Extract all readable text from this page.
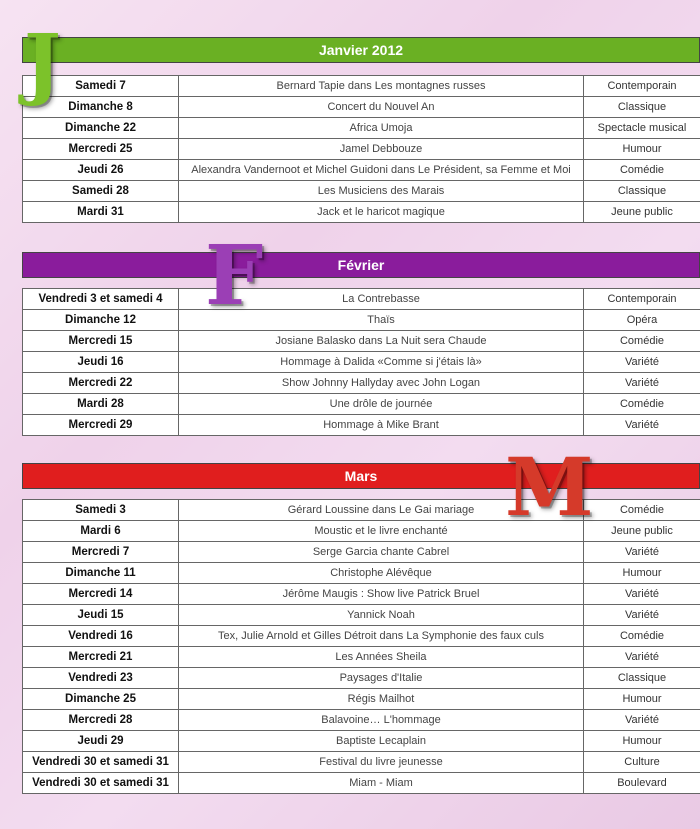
Janvier 2012
Samedi 7	Bernard Tapie dans Les montagnes russes	Contemporain
Dimanche 8	Concert du Nouvel An	Classique
Dimanche 22	Africa Umoja	Spectacle musical
Mercredi 25	Jamel Debbouze	Humour
Jeudi 26	Alexandra Vandernoot et Michel Guidoni dans Le Président, sa Femme et Moi	Comédie
Samedi 28	Les Musiciens des Marais	Classique
Mardi 31	Jack et le haricot magique	Jeune public
Février
Vendredi 3 et samedi 4	La Contrebasse	Contemporain
Dimanche 12	Thaïs	Opéra
Mercredi 15	Josiane Balasko dans La Nuit sera Chaude	Comédie
Jeudi 16	Hommage à Dalida «Comme si j'étais là»	Variété
Mercredi 22	Show Johnny Hallyday avec John Logan	Variété
Mardi 28	Une drôle de journée	Comédie
Mercredi 29	Hommage à Mike Brant	Variété
Mars
Samedi 3	Gérard Loussine dans Le Gai mariage	Comédie
Mardi 6	Moustic et le livre enchanté	Jeune public
Mercredi 7	Serge Garcia chante Cabrel	Variété
Dimanche 11	Christophe Alévêque	Humour
Mercredi 14	Jérôme Maugis : Show live Patrick Bruel	Variété
Jeudi 15	Yannick Noah	Variété
Vendredi 16	Tex, Julie Arnold et Gilles Détroit dans La Symphonie des faux culs	Comédie
Mercredi 21	Les Années Sheila	Variété
Vendredi 23	Paysages d'Italie	Classique
Dimanche 25	Régis Mailhot	Humour
Mercredi 28	Balavoine… L'hommage	Variété
Jeudi 29	Baptiste Lecaplain	Humour
Vendredi 30 et samedi 31	Festival du livre jeunesse	Culture
Vendredi 30 et samedi 31	Miam - Miam	Boulevard
J
F
M
